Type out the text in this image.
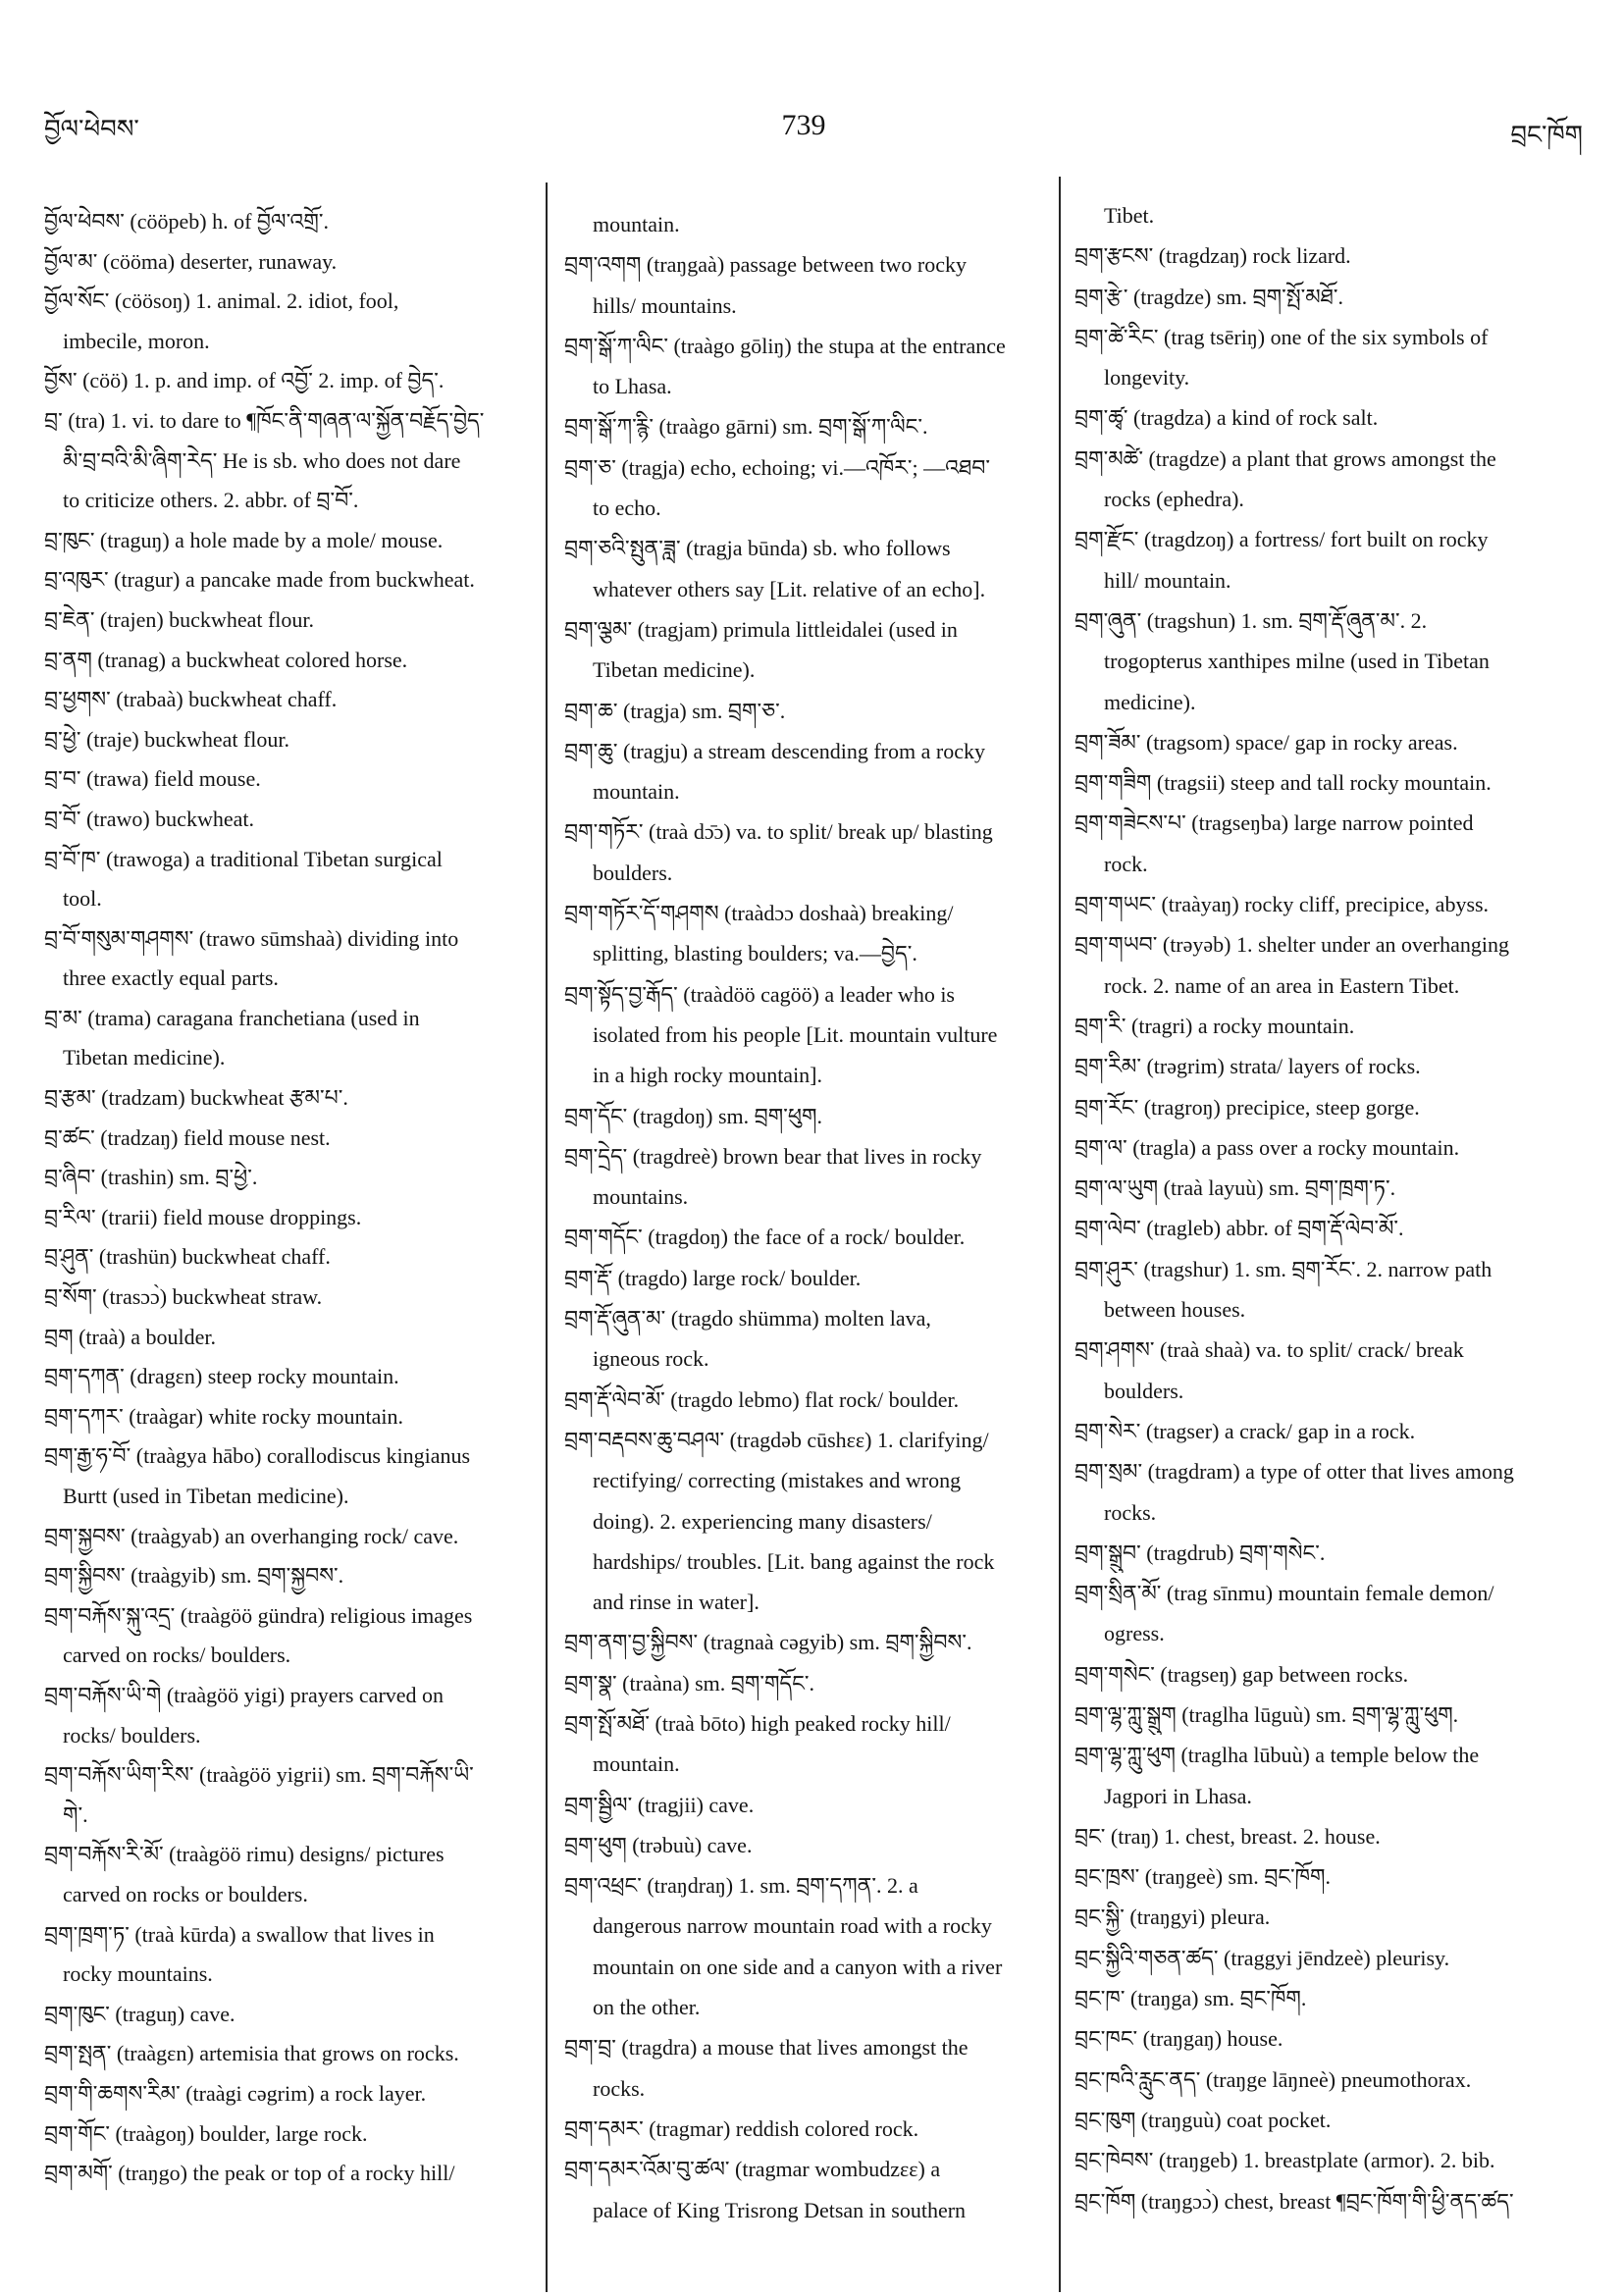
བྱོལ་ཕེབས་	739	བྲང་ཁོག
བྱོལ་ཕེབས་ (cööpeb) h. of བྱོལ་འགྲོ་.
བྱོལ་མ་ (cööma) deserter, runaway.
བྱོལ་སོང་ (cöösoŋ) 1. animal. 2. idiot, fool,
imbecile, moron.
བྱོས་ (cöö) 1. p. and imp. of འབྱོ་ 2. imp. of བྱེད་.
བྲ་ (tra) 1. vi. to dare to ¶ཁོང་ནི་གཞན་ལ་སྐྱོན་བརྗོད་བྱེད་
མི་བྲ་བའི་མི་ཞིག་རེད་ He is sb. who does not dare
to criticize others. 2. abbr. of བྲ་བོ་.
བྲ་ཁུང་ (traguŋ) a hole made by a mole/ mouse.
བྲ་འཁུར་ (tragur) a pancake made from buckwheat.
བྲ་ཇེན་ (trajen) buckwheat flour.
བྲ་ནག (tranag) a buckwheat colored horse.
བྲ་ཕྱགས་ (trabaà) buckwheat chaff.
བྲ་ཕྱེ་ (traje) buckwheat flour.
བྲ་བ་ (trawa) field mouse.
བྲ་བོ་ (trawo) buckwheat.
བྲ་བོ་ཁ་ (trawoga) a traditional Tibetan surgical
tool.
བྲ་བོ་གསུམ་གཤགས་ (trawo sūmshaà) dividing into
three exactly equal parts.
བྲ་མ་ (trama) caragana franchetiana (used in
Tibetan medicine).
བྲ་རྩམ་ (tradzam) buckwheat རྩམ་པ་.
བྲ་ཚང་ (tradzaŋ) field mouse nest.
བྲ་ཞིབ་ (trashin) sm. བྲ་ཕྱེ་.
བྲ་རིལ་ (trarii) field mouse droppings.
བྲ་ཤུན་ (trashün) buckwheat chaff.
བྲ་སོག་ (trasɔɔ̀) buckwheat straw.
བྲག (traà) a boulder.
བྲག་དཀན་ (dragɛn) steep rocky mountain.
བྲག་དཀར་ (traàgar) white rocky mountain.
བྲག་རྒྱ་ཧ་བོ་ (traàgya hābo) corallodiscus kingianus
Burtt (used in Tibetan medicine).
བྲག་སྐྱབས་ (traàgyab) an overhanging rock/ cave.
བྲག་སྐྱིབས་ (traàgyib) sm. བྲག་སྐྱབས་.
བྲག་བརྐོས་སྐུ་འདྲ་ (traàgöö gündra) religious images
carved on rocks/ boulders.
བྲག་བརྐོས་ཡི་གེ (traàgöö yigi) prayers carved on
rocks/ boulders.
བྲག་བརྐོས་ཡིག་རིས་ (traàgöö yigrii) sm. བྲག་བརྐོས་ཡི་
གེ་.
བྲག་བརྐོས་རི་མོ་ (traàgöö rimu) designs/ pictures
carved on rocks or boulders.
བྲག་ཁྲག་ཏ་ (traà kūrda) a swallow that lives in
rocky mountains.
བྲག་ཁུང་ (traguŋ) cave.
བྲག་སྤན་ (traàgɛn) artemisia that grows on rocks.
བྲག་གི་ཆགས་རིམ་ (traàgi cəgrim) a rock layer.
བྲག་གོང་ (traàgoŋ) boulder, large rock.
བྲག་མགོ་ (traŋgo) the peak or top of a rocky hill/
mountain.
བྲག་འགག (traŋgaà) passage between two rocky
hills/ mountains.
བྲག་སྒོ་ཀ་ལིང་ (traàgo gōliŋ) the stupa at the entrance
to Lhasa.
བྲག་སྒོ་ཀ་རྙི་ (traàgo gārni) sm. བྲག་སྒོ་ཀ་ལིང་.
བྲག་ཅ་ (tragja) echo, echoing; vi.—འཁོར་; —འཐབ་
to echo.
བྲག་ཅའི་སྤུན་ཟླ་ (tragja būnda) sb. who follows
whatever others say [Lit. relative of an echo].
བྲག་ལྕམ་ (tragjam) primula littleidalei (used in
Tibetan medicine).
བྲག་ཆ་ (tragja) sm. བྲག་ཅ་.
བྲག་ཆུ་ (tragju) a stream descending from a rocky
mountain.
བྲག་གཏོར་ (traà dɔ̄ɔ) va. to split/ break up/ blasting
boulders.
བྲག་གཏོར་དོ་གཤགས (traàdɔɔ doshaà) breaking/
splitting, blasting boulders; va.—བྱེད་.
བྲག་སྟོད་བྱ་རྒོད་ (traàdöö cagöö) a leader who is
isolated from his people [Lit. mountain vulture
in a high rocky mountain].
བྲག་དོང་ (tragdoŋ) sm. བྲག་ཕུག.
བྲག་དྲེད་ (tragdreè) brown bear that lives in rocky
mountains.
བྲག་གདོང་ (tragdoŋ) the face of a rock/ boulder.
བྲག་རྡོ་ (tragdo) large rock/ boulder.
བྲག་རྡོ་ཞུན་མ་ (tragdo shümma) molten lava,
igneous rock.
བྲག་རྡོ་ལེབ་མོ་ (tragdo lebmo) flat rock/ boulder.
བྲག་བརྡབས་ཆུ་བཤལ་ (tragdəb cūshɛɛ) 1. clarifying/
rectifying/ correcting (mistakes and wrong
doing). 2. experiencing many disasters/
hardships/ troubles. [Lit. bang against the rock
and rinse in water].
བྲག་ནག་བྱ་སྐྱིབས་ (tragnaà cəgyib) sm. བྲག་སྐྱིབས་.
བྲག་སྣ་ (traàna) sm. བྲག་གདོང་.
བྲག་སྤོ་མཐོ་ (traà bōto) high peaked rocky hill/
mountain.
བྲག་སྦྱིལ་ (tragjii) cave.
བྲག་ཕུག (trəbuù) cave.
བྲག་འཕྲང་ (traŋdraŋ) 1. sm. བྲག་དཀན་. 2. a
dangerous narrow mountain road with a rocky
mountain on one side and a canyon with a river
on the other.
བྲག་བྲ་ (tragdra) a mouse that lives amongst the
rocks.
བྲག་དམར་ (tragmar) reddish colored rock.
བྲག་དམར་འོམ་བུ་ཚལ་ (tragmar wombudzɛɛ) a
palace of King Trisrong Detsan in southern
Tibet.
བྲག་རྩངས་ (tragdzaŋ) rock lizard.
བྲག་རྩེ་ (tragdze) sm. བྲག་སྤོ་མཐོ་.
བྲག་ཚེ་རིང་ (trag tsēriŋ) one of the six symbols of
longevity.
བྲག་ཚྭ་ (tragdza) a kind of rock salt.
བྲག་མཚེ་ (tragdze) a plant that grows amongst the
rocks (ephedra).
བྲག་རྫོང་ (tragdzoŋ) a fortress/ fort built on rocky
hill/ mountain.
བྲག་ཞུན་ (tragshun) 1. sm. བྲག་རྡོ་ཞུན་མ་. 2.
trogopterus xanthipes milne (used in Tibetan
medicine).
བྲག་ཟོམ་ (tragsom) space/ gap in rocky areas.
བྲག་གཟིག (tragsii) steep and tall rocky mountain.
བྲག་གཟེངས་པ་ (tragseŋba) large narrow pointed
rock.
བྲག་གཡང་ (traàyaŋ) rocky cliff, precipice, abyss.
བྲག་གཡབ་ (trəyəb) 1. shelter under an overhanging
rock. 2. name of an area in Eastern Tibet.
བྲག་རི་ (tragri) a rocky mountain.
བྲག་རིམ་ (trəgrim) strata/ layers of rocks.
བྲག་རོང་ (tragroŋ) precipice, steep gorge.
བྲག་ལ་ (tragla) a pass over a rocky mountain.
བྲག་ལ་ཡུག (traà layuù) sm. བྲག་ཁྲག་ཏ་.
བྲག་ལེབ་ (tragleb) abbr. of བྲག་རྡོ་ལེབ་མོ་.
བྲག་ཤུར་ (tragshur) 1. sm. བྲག་རོང་. 2. narrow path
between houses.
བྲག་ཤགས་ (traà shaà) va. to split/ crack/ break
boulders.
བྲག་སེར་ (tragser) a crack/ gap in a rock.
བྲག་སྲམ་ (tragdram) a type of otter that lives among
rocks.
བྲག་སྒྲུབ་ (tragdrub) བྲག་གསེང་.
བྲག་སྲིན་མོ་ (trag sīnmu) mountain female demon/
ogress.
བྲག་གསེང་ (tragseŋ) gap between rocks.
བྲག་ལྷ་ཀླུ་སྒྲུག (traglha lūguù) sm. བྲག་ལྷ་ཀླུ་ཕུག.
བྲག་ལྷ་ཀླུ་ཕུག (traglha lūbuù) a temple below the
Jagpori in Lhasa.
བྲང་ (traŋ) 1. chest, breast. 2. house.
བྲང་ཁྲས་ (traŋgeè) sm. བྲང་ཁོག.
བྲང་སྐྱི་ (traŋgyi) pleura.
བྲང་སྐྱིའི་གཅན་ཚད་ (traggyi jēndzeè) pleurisy.
བྲང་ཁ་ (traŋga) sm. བྲང་ཁོག.
བྲང་ཁང་ (traŋgaŋ) house.
བྲང་ཁའི་རླུང་ནད་ (traŋge lāŋneè) pneumothorax.
བྲང་ཁུག (traŋguù) coat pocket.
བྲང་ཁེབས་ (traŋgeb) 1. breastplate (armor). 2. bib.
བྲང་ཁོག (traŋgɔɔ̀) chest, breast ¶བྲང་ཁོག་གི་ཕྱི་ནད་ཚད་
